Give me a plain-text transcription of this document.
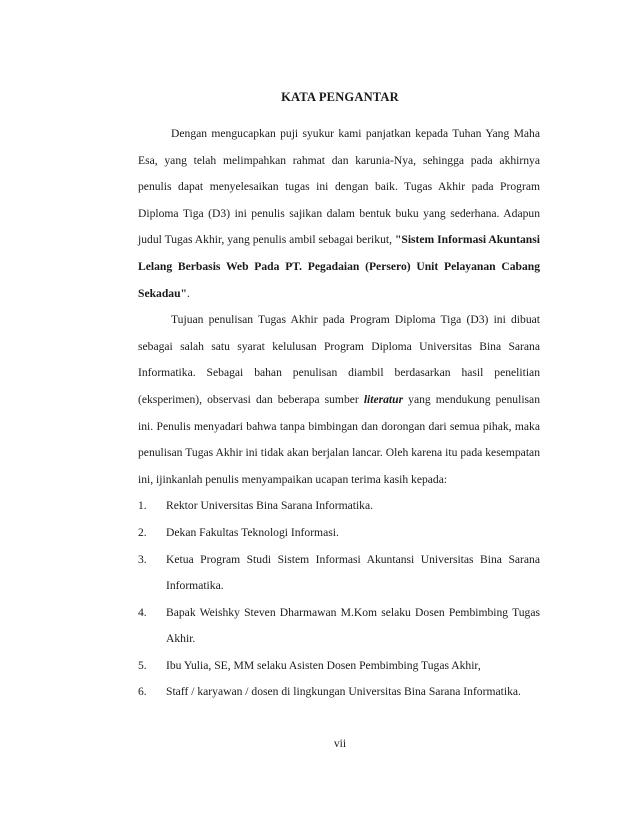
KATA PENGANTAR

Dengan mengucapkan puji syukur kami panjatkan kepada Tuhan Yang Maha Esa, yang telah melimpahkan rahmat dan karunia-Nya, sehingga pada akhirnya penulis dapat menyelesaikan tugas ini dengan baik. Tugas Akhir pada Program Diploma Tiga (D3) ini penulis sajikan dalam bentuk buku yang sederhana. Adapun judul Tugas Akhir, yang penulis ambil sebagai berikut, "Sistem Informasi Akuntansi Lelang Berbasis Web Pada PT. Pegadaian (Persero) Unit Pelayanan Cabang Sekadau".

Tujuan penulisan Tugas Akhir pada Program Diploma Tiga (D3) ini dibuat sebagai salah satu syarat kelulusan Program Diploma Universitas Bina Sarana Informatika. Sebagai bahan penulisan diambil berdasarkan hasil penelitian (eksperimen), observasi dan beberapa sumber literatur yang mendukung penulisan ini. Penulis menyadari bahwa tanpa bimbingan dan dorongan dari semua pihak, maka penulisan Tugas Akhir ini tidak akan berjalan lancar. Oleh karena itu pada kesempatan ini, ijinkanlah penulis menyampaikan ucapan terima kasih kepada:

1. Rektor Universitas Bina Sarana Informatika.
2. Dekan Fakultas Teknologi Informasi.
3. Ketua Program Studi Sistem Informasi Akuntansi Universitas Bina Sarana Informatika.
4. Bapak Weishky Steven Dharmawan M.Kom selaku Dosen Pembimbing Tugas Akhir.
5. Ibu Yulia, SE, MM selaku Asisten Dosen Pembimbing Tugas Akhir,
6. Staff / karyawan / dosen di lingkungan Universitas Bina Sarana Informatika.
vii
